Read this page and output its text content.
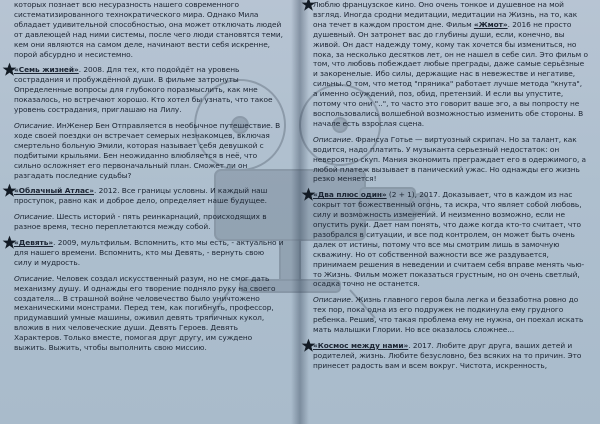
которых познает всю несуразность нашего современного систематизированного технократического мира. Однако Мила обладает удивительной способностью, она может отключать людей от давлеющей над ними системы, после чего люди становятся теми, кем они являются на самом деле, начинают вести себя искренне, порой абсурдно и несистемно.

«Семь жизней». 2008. Для тех, кто подойдёт на уровень сострадания и пробуждённой души. В фильме затронуты Определенные вопросы для глубокого поразмыслить, как мне показалось, но встречают хорошо. Кто хотел бы узнать, что такое уровень сострадания, приглашаю на Лилу.

Описание. ИнЖенер Бен Отправляется в необычное путешествие. В ходе своей поездки он встречает семерых незнакомцев, включая смертельно больную Эмили, которая называет себя девушкой с подбитыми крыльями. Бен неожиданно влюбляется в неё, что сильно осложняет его первоначальный план. Сможет ли он разгадать последние судьбы?

«Облачный Атлас». 2012. Все границы условны. И каждый наш проступок, равно как и доброе дело, определяет наше будущее.

Описание. Шесть историй - пять реинкарнаций, происходящих в разное время, тесно переплетаются между собой.

«Девять». 2009, мультфильм. Вспомнить, кто мы есть, - актуально и для нашего времени. Вспомнить, кто мы Девять, - вернуть свою силу и мудрость.

Описание. Человек создал искусственный разум, но не смог дать механизму душу. И однажды его творение подняло руку на своего создателя... В страшной войне человечество было уничтожено механическими монстрами. Перед тем, как погибнуть, профессор, придумавший умные машины, оживил девять тряпичных кукол, вложив в них человеческие души. Девять Героев. Девять Характеров. Только вместе, помогая друг другу, им суждено выжить. Выжить, чтобы выполнить свою миссию.

Люблю французское кино. Оно очень тонкое и душевное на мой взгляд. Иногда сродни медитации, медитации на Жизнь, на то, как она течет в каждом простом дне. Фильм «Жмот». 2016 не просто душевный. Он затронет вас до глубины души, если, конечно, вы живой. Он даст надежду тому, кому так хочется бы измениться, но пока, за несколько десятков лет, он не нашел в себе сил. Это фильм о том, что любовь побеждает любые преграды, даже самые серьёзные и закоренелые. Ибо силы, держащие нас в невежестве и негативе, сильны. О том, что метод "пряника" работает лучше метода "кнута", а именно осуждений, поз, обид, претензий. И если вы упустите, потому что они "..", то часто это говорит ваше эго, а вы попросту не воспользовались волшебной возможностью изменить обе стороны. В начале есть взрослая сцена.

Описание. Франсуа Готье — виртуозный скрипач. Но за талант, как водится, надо платить. У музыканта серьезный недостаток: он невероятно скуп. Мания экономить преграждает его в одержимого, а любой платеж вызывает в панический ужас. Но однажды его жизнь резко меняется!

«Два плюс один» (2 + 1), 2017. Доказывает, что в каждом из нас сокрыт тот божественный огонь, та искра, что являет собой любовь, силу и возможность изменений. И неизменно возможно, если не опустить руки. Дает нам понять, что даже когда кто-то считает, что разобрался в ситуации, и все под контролем, он может быть очень далек от истины, потому что все мы смотрим лишь в замочную скважину. Но от собственной важности все же раздувается, принимаем решения в неведении и считаем себя вправе менять чью-то Жизнь. Фильм может показаться грустным, но он очень светлый, осадка точно не останется.

Описание. Жизнь главного героя была легка и беззаботна ровно до тех пор, пока одна из его подружек не подкинула ему грудного ребенка. Решив, что такая проблема ему не нужна, он поехал искать мать малышки Глории. Но все оказалось сложнее...

«Космос между нами». 2017. Любите друг друга, ваших детей и родителей, жизнь. Любите безусловно, без всяких на то причин. Это принесет радость вам и всем вокруг. Чистота, искренность,
